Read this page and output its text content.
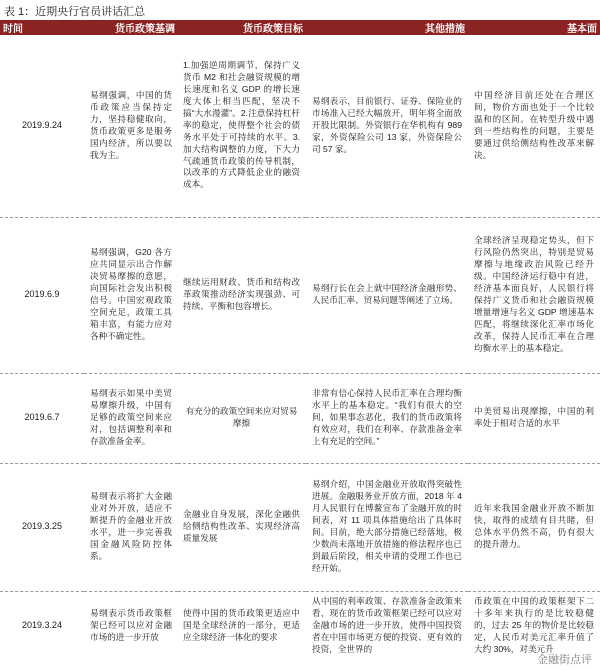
表 1：近期央行官员讲话汇总
时间	货币政策基调	货币政策目标	其他措施	基本面
2019.9.24	易纲强调，中国的货币政策应当保持定力，坚持稳健取向，货币政策更多是服务国内经济，所以要以我为主。	1.加强逆周期调节，保持广义货币 M2 和社会融资规模的增长速度和名义 GDP 的增长速度大体上相当匹配，坚决不搞“大水漫灌”。2.注意保持杠杆率的稳定，使得整个社会的债务水平处于可持续的水平。3.加大结构调整的力度，下大力气疏通货币政策的传导机制，以改革的方式降低企业的融资成本。	易纲表示，目前银行、证券、保险业的市场准入已经大幅放开，明年将全面放开股比限制。外资银行在华机构有 989 家，外资保险公司 13 家，外资保险公司 57 家。	中国经济目前还处在合理区间，物价方面也处于一个比较温和的区间。在转型升级中遇到一些结构性的问题，主要是要通过供给侧结构性改革来解决。
2019.6.9	易纲强调，G20 各方应共同显示出合作解决贸易摩擦的意愿，向国际社会发出积极信号。中国宏观政策空间充足，政策工具箱丰富，有能力应对各种不确定性。	继续运用财政、货币和结构改革政策推动经济实现强劲、可持续、平衡和包容增长。	易纲行长在会上就中国经济金融形势、人民币汇率、贸易问题等阐述了立场。	全球经济呈现稳定势头，但下行风险仍然突出，特别是贸易摩擦与地缘政治风险已经升级。中国经济运行稳中有进，经济基本面良好，人民银行将保持广义货币和社会融资规模增量增速与名义 GDP 增速基本匹配，将继续深化汇率市场化改革，保持人民币汇率在合理均衡水平上的基本稳定。
2019.6.7	易纲表示如果中美贸易摩擦升级，中国有足够的政策空间来应对，包括调整利率和存款准备金率。	有充分的政策空间来应对贸易摩擦	非常有信心保持人民币汇率在合理均衡水平上的基本稳定。“我们有很大的空间，如果事态恶化，我们的货币政策将有效应对，我们在利率、存款准备金率上有充足的空间。”	中美贸易出现摩擦，中国的利率处于相对合适的水平
2019.3.25	易纲表示将扩大金融业对外开放，适应不断提升的金融业开放水平，进一步完善我国金融风险防控体系。	金融业自身发展，深化金融供给侧结构性改革、实现经济高质量发展	易纲介绍，中国金融业开放取得突破性进展。金融服务业开放方面，2018 年 4 月人民银行在博鳌宣布了金融开放的时间表，对 11 项具体措施给出了具体时间。目前，绝大部分措施已经落地，极少数尚未落地开放措施的修法程序也已到最后阶段，相关申请的受理工作也已经开始。	近年来我国金融业开放不断加快，取得的成绩有目共睹，但总体水平仍然不高，仍有很大的提升潜力。
2019.3.24	易纲表示货币政策框架已经可以应对金融市场的进一步开放	使得中国的货币政策更适应中国是全球经济的一部分，更适应全球经济一体化的要求	从中国的利率政策、存款准备金政策来看，现在的货币政策框架已经可以应对金融市场的进一步开放，使得中国投资者在中国市场更方便的投资、更有效的投资，全世界的	币政策在中国的政策框架下二十多年来执行的是比较稳健的，过去 25 年的物价是比较稳定，人民币对美元汇率升值了大约 30%，对美元升
金融街点评
